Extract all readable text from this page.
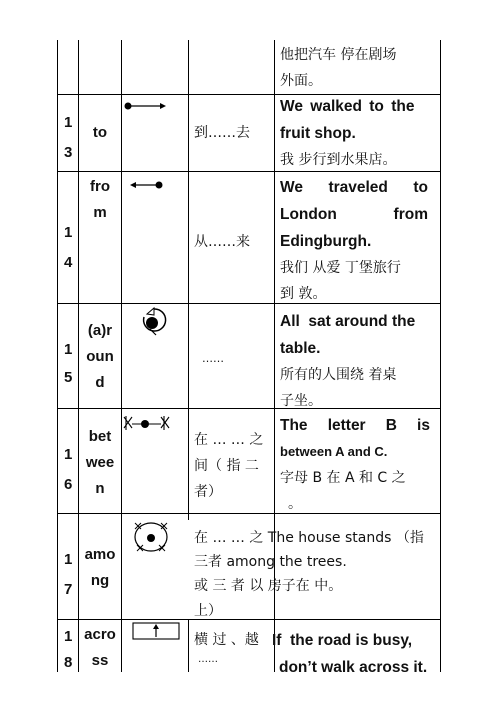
他把汽车 停在剧场
外面。
1
3
to	到……去
We walked to the
fruit shop.
我 步行到水果店。
1
4
fro
m
从……来
We traveled to
London	from
Edingburgh.
我们 从爱 丁堡旅行
到 敦。
1
5
(a)r
oun
d
……
All  sat around the
table.
所有的人围绕 着桌
子坐。
1
6
bet
wee
n
在 … … 之
间（ 指 二
者）
The letter B is
between A and C.
字母 B 在 A 和 C 之
。
1
7
amo
ng
在 … … 之 The house stands （指
三者 among the trees.
或 三 者 以 房子在 中。
上）
1
8
acro
ss
横 过 、越
……
If  the road is busy,
don’t walk across it.
